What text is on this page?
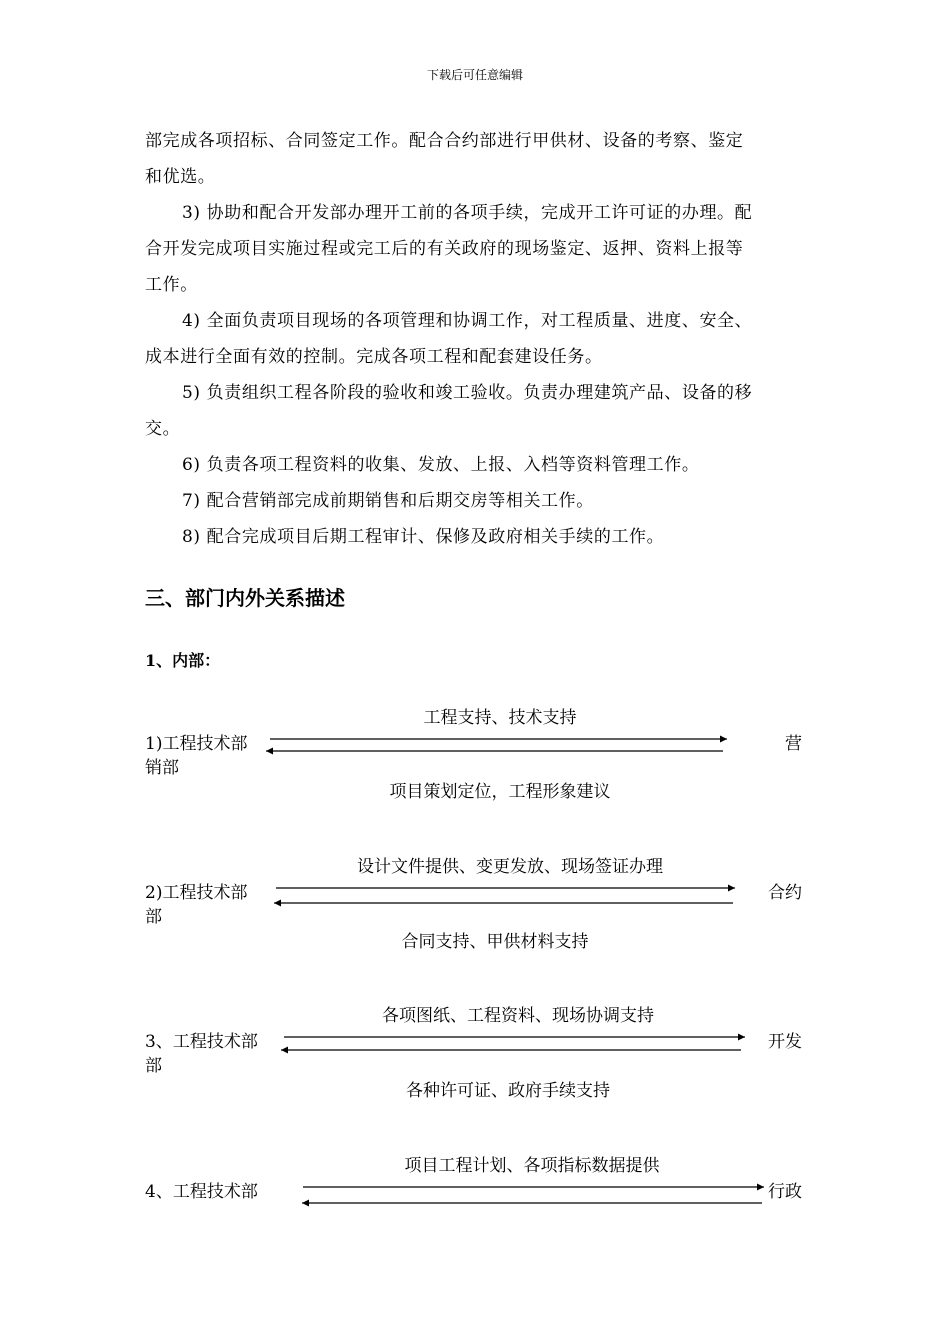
下载后可任意编辑
部完成各项招标、合同签定工作。配合合约部进行甲供材、设备的考察、鉴定
和优选。
3) 协助和配合开发部办理开工前的各项手续，完成开工许可证的办理。配
合开发完成项目实施过程或完工后的有关政府的现场鉴定、返押、资料上报等
工作。
4) 全面负责项目现场的各项管理和协调工作，对工程质量、进度、安全、
成本进行全面有效的控制。完成各项工程和配套建设任务。
5) 负责组织工程各阶段的验收和竣工验收。负责办理建筑产品、设备的移
交。
6) 负责各项工程资料的收集、发放、上报、入档等资料管理工作。
7) 配合营销部完成前期销售和后期交房等相关工作。
8) 配合完成项目后期工程审计、保修及政府相关手续的工作。
三、部门内外关系描述
1、内部：
工程支持、技术支持
1)工程技术部	营
销部
项目策划定位，工程形象建议
设计文件提供、变更发放、现场签证办理
2)工程技术部	合约
部
合同支持、甲供材料支持
各项图纸、工程资料、现场协调支持
3、工程技术部	开发
部
各种许可证、政府手续支持
项目工程计划、各项指标数据提供
4、工程技术部	行政
